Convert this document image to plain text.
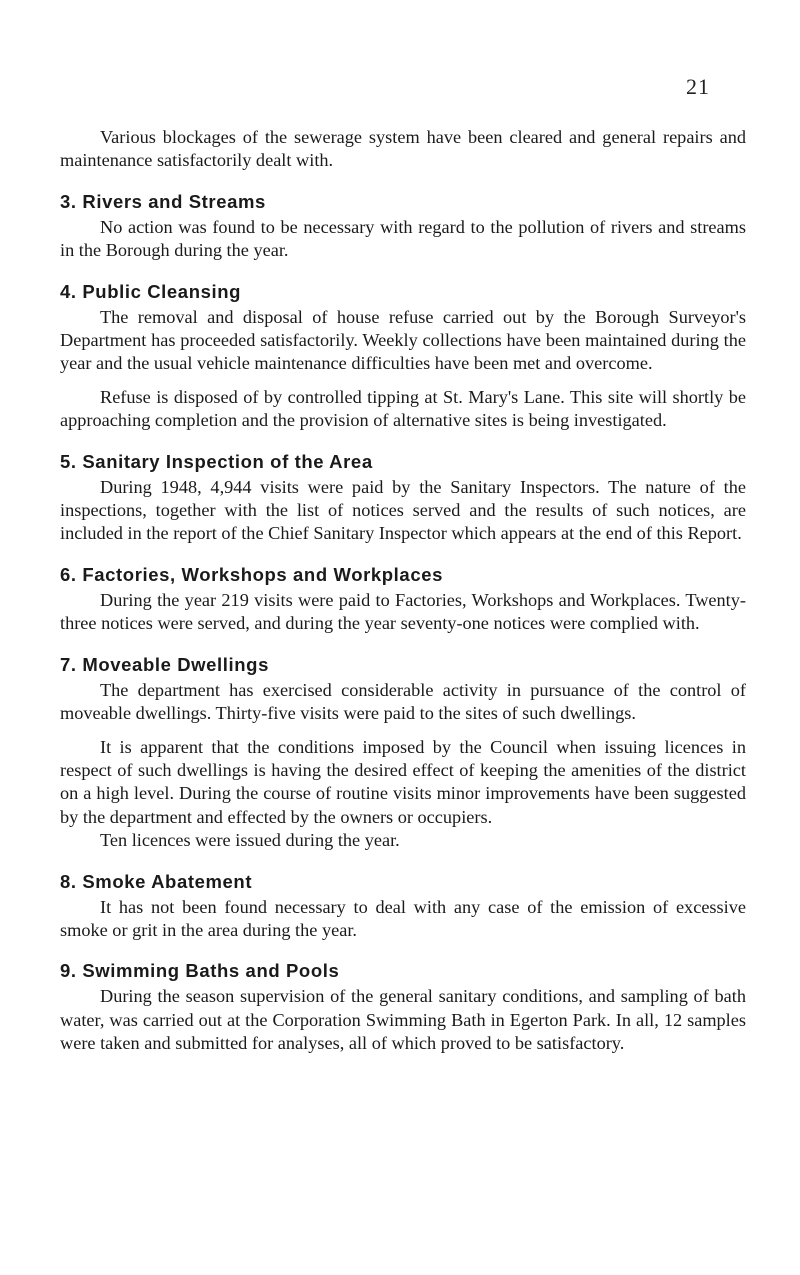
21

Various blockages of the sewerage system have been cleared and general repairs and maintenance satisfactorily dealt with.

3. Rivers and Streams

No action was found to be necessary with regard to the pollution of rivers and streams in the Borough during the year.

4. Public Cleansing

The removal and disposal of house refuse carried out by the Borough Surveyor's Department has proceeded satisfactorily. Weekly collections have been maintained during the year and the usual vehicle maintenance difficulties have been met and overcome.

Refuse is disposed of by controlled tipping at St. Mary's Lane. This site will shortly be approaching completion and the provision of alternative sites is being investigated.

5. Sanitary Inspection of the Area

During 1948, 4,944 visits were paid by the Sanitary Inspectors. The nature of the inspections, together with the list of notices served and the results of such notices, are included in the report of the Chief Sanitary Inspector which appears at the end of this Report.

6. Factories, Workshops and Workplaces

During the year 219 visits were paid to Factories, Workshops and Workplaces. Twenty-three notices were served, and during the year seventy-one notices were complied with.

7. Moveable Dwellings

The department has exercised considerable activity in pursuance of the control of moveable dwellings. Thirty-five visits were paid to the sites of such dwellings.

It is apparent that the conditions imposed by the Council when issuing licences in respect of such dwellings is having the desired effect of keeping the amenities of the district on a high level. During the course of routine visits minor improvements have been suggested by the department and effected by the owners or occupiers.

Ten licences were issued during the year.

8. Smoke Abatement

It has not been found necessary to deal with any case of the emission of excessive smoke or grit in the area during the year.

9. Swimming Baths and Pools

During the season supervision of the general sanitary conditions, and sampling of bath water, was carried out at the Corporation Swimming Bath in Egerton Park. In all, 12 samples were taken and submitted for analyses, all of which proved to be satisfactory.
